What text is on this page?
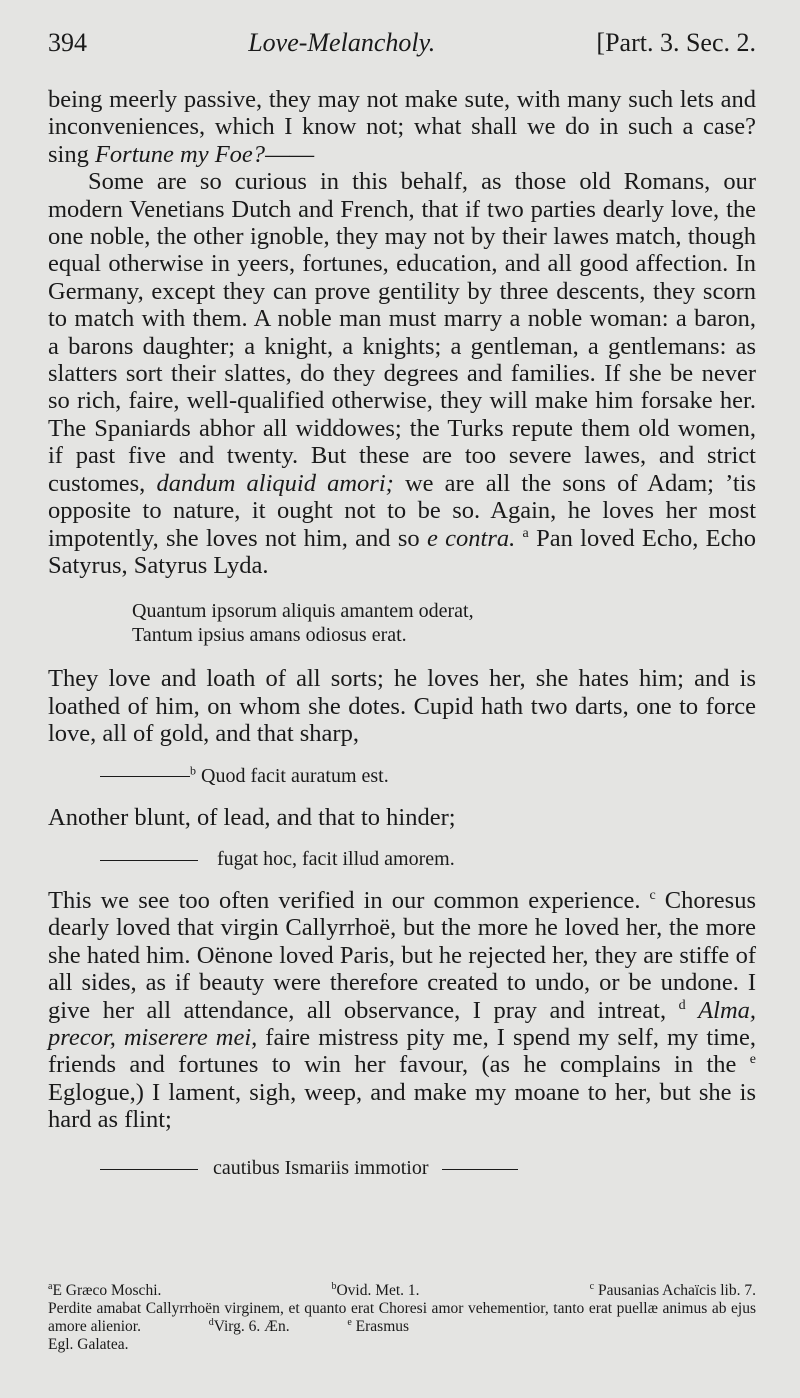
394	Love-Melancholy.	[Part. 3. Sec. 2.

being meerly passive, they may not make sute, with many such lets and inconveniences, which I know not; what shall we do in such a case? sing Fortune my Foe?——

Some are so curious in this behalf, as those old Romans, our modern Venetians Dutch and French, that if two parties dearly love, the one noble, the other ignoble, they may not by their lawes match, though equal otherwise in yeers, fortunes, education, and all good affection. In Germany, except they can prove gentility by three descents, they scorn to match with them. A noble man must marry a noble woman: a baron, a barons daughter; a knight, a knights; a gentleman, a gentlemans: as slatters sort their slattes, do they degrees and families. If she be never so rich, faire, well-qualified otherwise, they will make him forsake her. The Spaniards abhor all widdowes; the Turks repute them old women, if past five and twenty. But these are too severe lawes, and strict customes, dandum aliquid amori; we are all the sons of Adam; ’tis opposite to nature, it ought not to be so. Again, he loves her most impotently, she loves not him, and so e contra. $^a$ Pan loved Echo, Echo Satyrus, Satyrus Lyda.

Quantum ipsorum aliquis amantem oderat,
Tantum ipsius amans odiosus erat.

They love and loath of all sorts; he loves her, she hates him; and is loathed of him, on whom she dotes. Cupid hath two darts, one to force love, all of gold, and that sharp,

$^b$ Quod facit auratum est.

Another blunt, of lead, and that to hinder;

fugat hoc, facit illud amorem.

This we see too often verified in our common experience. $^c$ Choresus dearly loved that virgin Callyrrhoë, but the more he loved her, the more she hated him. Oënone loved Paris, but he rejected her, they are stiffe of all sides, as if beauty were therefore created to undo, or be undone. I give her all attendance, all observance, I pray and intreat, $^d$ Alma, precor, miserere mei, faire mistress pity me, I spend my self, my time, friends and fortunes to win her favour, (as he complains in the $^e$ Eglogue,) I lament, sigh, weep, and make my moane to her, but she is hard as flint;

cautibus Ismariis immotior
$^a$E Græco Moschi.	$^b$Ovid. Met. 1.	$^c$ Pausanias Achaïcis lib. 7.
Perdite amabat Callyrrhoën virginem, et quanto erat Choresi amor vehementior, tanto erat puellæ animus ab ejus amore alienior.	$^d$Virg. 6. Æn.	$^e$ Erasmus
Egl. Galatea.
